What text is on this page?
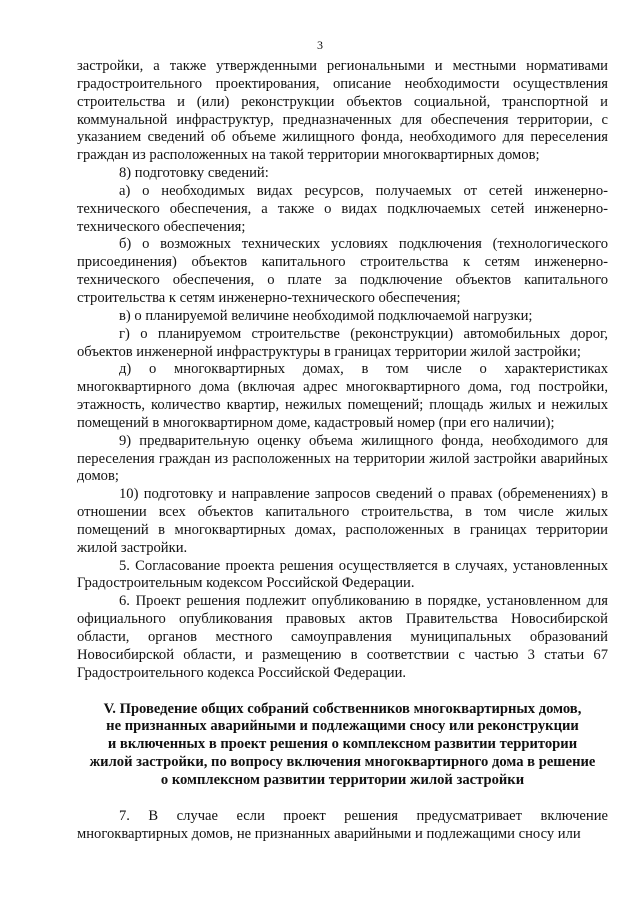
3

застройки, а также утвержденными региональными и местными нормативами градостроительного проектирования, описание необходимости осуществления строительства и (или) реконструкции объектов социальной, транспортной и коммунальной инфраструктур, предназначенных для обеспечения территории, с указанием сведений об объеме жилищного фонда, необходимого для переселения граждан из расположенных на такой территории многоквартирных домов;

8) подготовку сведений:

а) о необходимых видах ресурсов, получаемых от сетей инженерно-технического обеспечения, а также о видах подключаемых сетей инженерно-технического обеспечения;

б) о возможных технических условиях подключения (технологического присоединения) объектов капитального строительства к сетям инженерно-технического обеспечения, о плате за подключение объектов капитального строительства к сетям инженерно-технического обеспечения;

в) о планируемой величине необходимой подключаемой нагрузки;

г) о планируемом строительстве (реконструкции) автомобильных дорог, объектов инженерной инфраструктуры в границах территории жилой застройки;

д) о многоквартирных домах, в том числе о характеристиках многоквартирного дома (включая адрес многоквартирного дома, год постройки, этажность, количество квартир, нежилых помещений; площадь жилых и нежилых помещений в многоквартирном доме, кадастровый номер (при его наличии);

9) предварительную оценку объема жилищного фонда, необходимого для переселения граждан из расположенных на территории жилой застройки аварийных домов;

10) подготовку и направление запросов сведений о правах (обременениях) в отношении всех объектов капитального строительства, в том числе жилых помещений в многоквартирных домах, расположенных в границах территории жилой застройки.

5. Согласование проекта решения осуществляется в случаях, установленных Градостроительным кодексом Российской Федерации.

6. Проект решения подлежит опубликованию в порядке, установленном для официального опубликования правовых актов Правительства Новосибирской области, органов местного самоуправления муниципальных образований Новосибирской области, и размещению в соответствии с частью 3 статьи 67 Градостроительного кодекса Российской Федерации.

V. Проведение общих собраний собственников многоквартирных домов,
не признанных аварийными и подлежащими сносу или реконструкции
и включенных в проект решения о комплексном развитии территории
жилой застройки, по вопросу включения многоквартирного дома в решение
о комплексном развитии территории жилой застройки

7. В случае если проект решения предусматривает включение многоквартирных домов, не признанных аварийными и подлежащими сносу или
